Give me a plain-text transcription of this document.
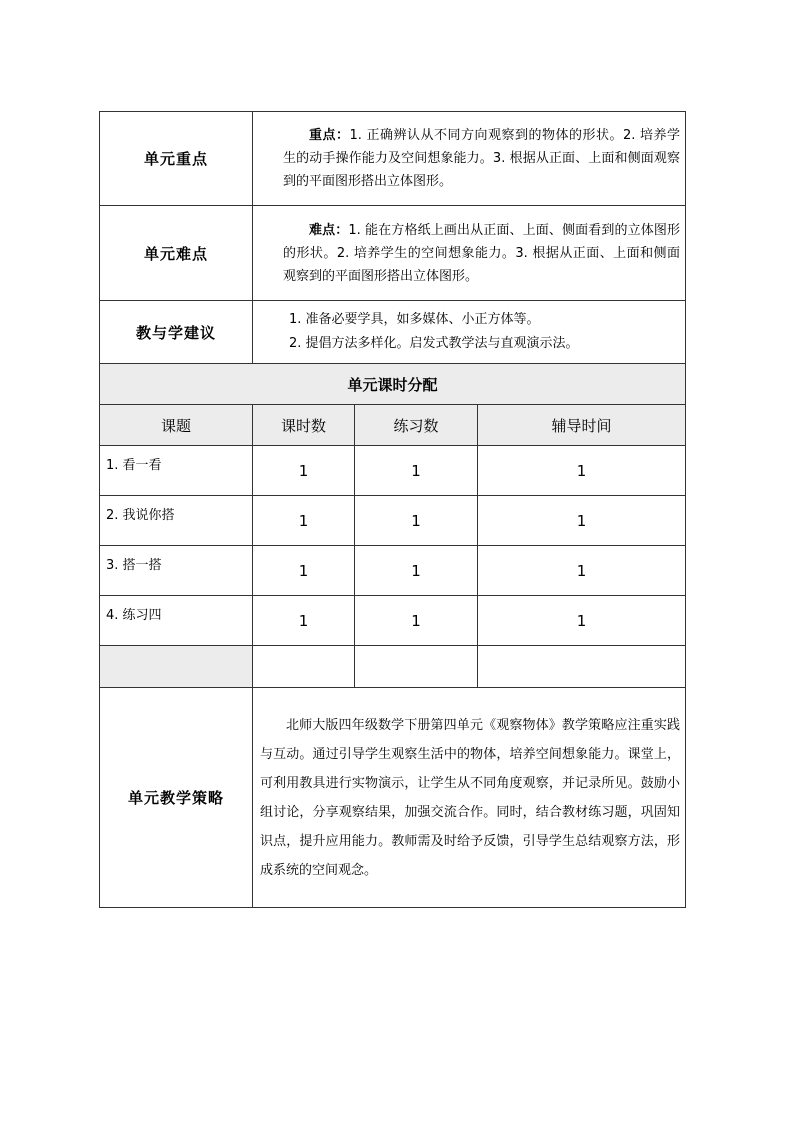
单元重点	重点：1. 正确辨认从不同方向观察到的物体的形状。2. 培养学生的动手操作能力及空间想象能力。3. 根据从正面、上面和侧面观察到的平面图形搭出立体图形。		

单元难点	难点：1. 能在方格纸上画出从正面、上面、侧面看到的立体图形的形状。2. 培养学生的空间想象能力。3. 根据从正面、上面和侧面观察到的平面图形搭出立体图形。		

教与学建议	1. 准备必要学具，如多媒体、小正方体等。
2. 提倡方法多样化。启发式教学法与直观演示法。		

单元课时分配			
课题	课时数	练习数	辅导时间
1. 看一看	1	1	1
2. 我说你搭	1	1	1
3. 搭一搭	1	1	1
4. 练习四	1	1	1

单元教学策略	北师大版四年级数学下册第四单元《观察物体》教学策略应注重实践与互动。通过引导学生观察生活中的物体，培养空间想象能力。课堂上，可利用教具进行实物演示，让学生从不同角度观察，并记录所见。鼓励小组讨论，分享观察结果，加强交流合作。同时，结合教材练习题，巩固知识点，提升应用能力。教师需及时给予反馈，引导学生总结观察方法，形成系统的空间观念。		
